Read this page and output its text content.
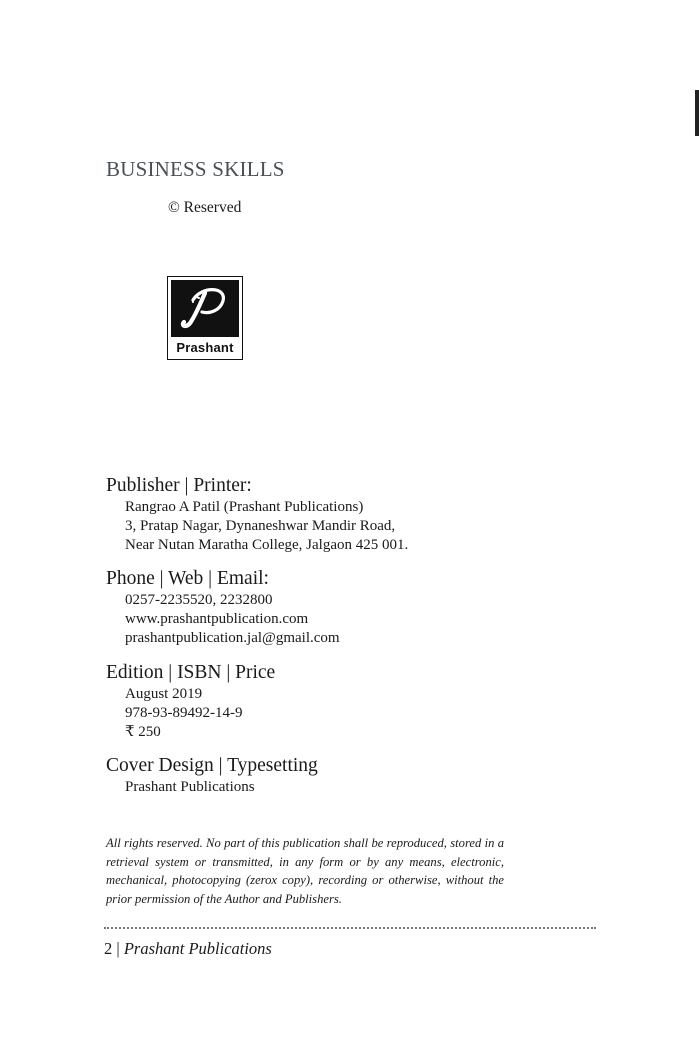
BUSINESS SKILLS
© Reserved
P
Prashant
Publisher | Printer:
Rangrao A Patil (Prashant Publications)
3, Pratap Nagar, Dynaneshwar Mandir Road,
Near Nutan Maratha College, Jalgaon 425 001.
Phone | Web | Email:
0257-2235520, 2232800
www.prashantpublication.com
prashantpublication.jal@gmail.com
Edition | ISBN | Price
August 2019
978-93-89492-14-9
₹ 250
Cover Design | Typesetting
Prashant Publications
All rights reserved. No part of this publication shall be reproduced, stored in a retrieval system or transmitted, in any form or by any means, electronic, mechanical, photocopying (zerox copy), recording or otherwise, without the prior permission of the Author and Publishers.
2 | Prashant Publications
